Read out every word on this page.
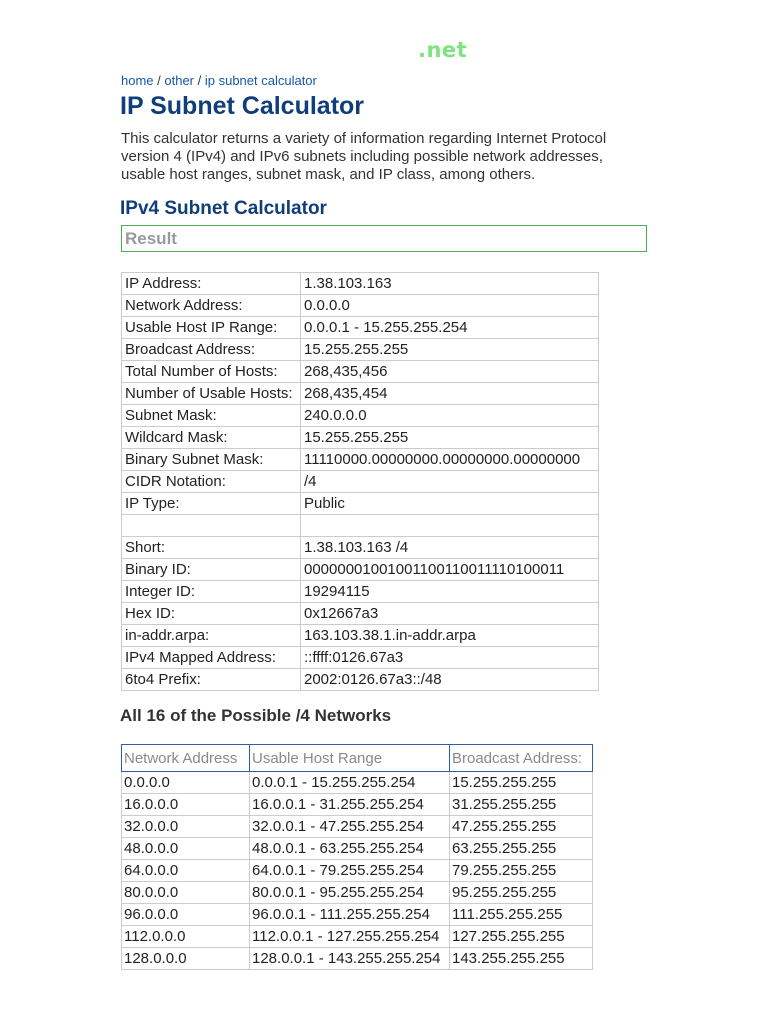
.net
home / other / ip subnet calculator
IP Subnet Calculator

This calculator returns a variety of information regarding Internet Protocol version 4 (IPv4) and IPv6 subnets including possible network addresses, usable host ranges, subnet mask, and IP class, among others.

IPv4 Subnet Calculator
Result
IP Address:	1.38.103.163
Network Address:	0.0.0.0
Usable Host IP Range:	0.0.0.1 - 15.255.255.254
Broadcast Address:	15.255.255.255
Total Number of Hosts:	268,435,456
Number of Usable Hosts:	268,435,454
Subnet Mask:	240.0.0.0
Wildcard Mask:	15.255.255.255
Binary Subnet Mask:	11110000.00000000.00000000.00000000
CIDR Notation:	/4
IP Type:	Public

Short:	1.38.103.163 /4
Binary ID:	00000001001001100110011110100011
Integer ID:	19294115
Hex ID:	0x12667a3
in-addr.arpa:	163.103.38.1.in-addr.arpa
IPv4 Mapped Address:	::ffff:0126.67a3
6to4 Prefix:	2002:0126.67a3::/48
All 16 of the Possible /4 Networks
Network Address	Usable Host Range	Broadcast Address:
0.0.0.0	0.0.0.1 - 15.255.255.254	15.255.255.255
16.0.0.0	16.0.0.1 - 31.255.255.254	31.255.255.255
32.0.0.0	32.0.0.1 - 47.255.255.254	47.255.255.255
48.0.0.0	48.0.0.1 - 63.255.255.254	63.255.255.255
64.0.0.0	64.0.0.1 - 79.255.255.254	79.255.255.255
80.0.0.0	80.0.0.1 - 95.255.255.254	95.255.255.255
96.0.0.0	96.0.0.1 - 111.255.255.254	111.255.255.255
112.0.0.0	112.0.0.1 - 127.255.255.254	127.255.255.255
128.0.0.0	128.0.0.1 - 143.255.255.254	143.255.255.255
